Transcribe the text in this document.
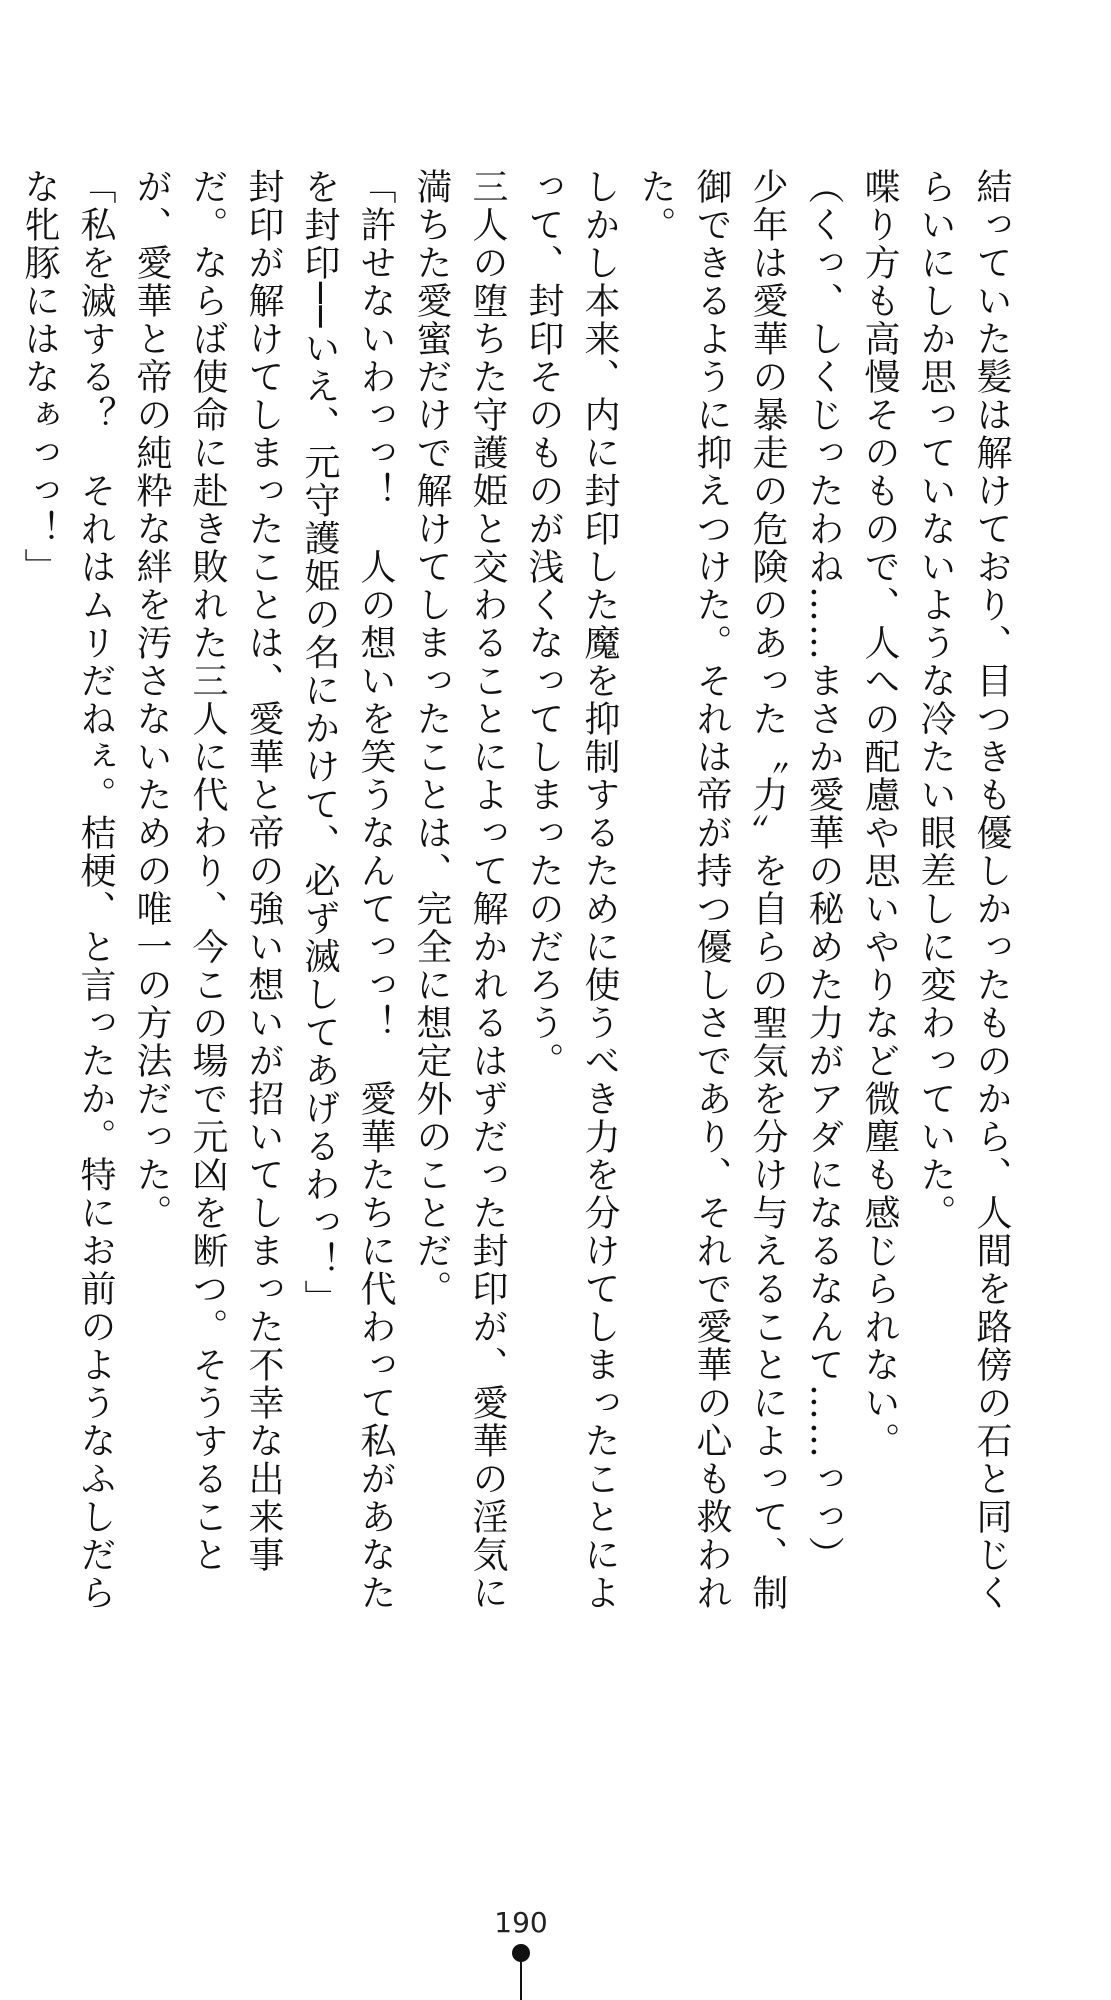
結っていた髪は解けており、目つきも優しかったものから、人間を路傍の石と同じくらいにしか思っていないような冷たい眼差しに変わっていた。

喋り方も高慢そのもので、人への配慮や思いやりなど微塵も感じられない。

（くっ、しくじったわね……まさか愛華の秘めた力がアダになるなんて……っっ）

少年は愛華の暴走の危険のあった〝力〟を自らの聖気を分け与えることによって、制御できるように抑えつけた。それは帝が持つ優しさであり、それで愛華の心も救われた。

しかし本来、内に封印した魔を抑制するために使うべき力を分けてしまったことによって、封印そのものが浅くなってしまったのだろう。

三人の堕ちた守護姫と交わることによって解かれるはずだった封印が、愛華の淫気に満ちた愛蜜だけで解けてしまったことは、完全に想定外のことだ。

「許せないわっっ！　人の想いを笑うなんてっっ！　愛華たちに代わって私があなたを封印──いえ、元守護姫の名にかけて、必ず滅してあげるわっ！」

封印が解けてしまったことは、愛華と帝の強い想いが招いてしまった不幸な出来事だ。ならば使命に赴き敗れた三人に代わり、今この場で元凶を断つ。そうすることが、愛華と帝の純粋な絆を汚さないための唯一の方法だった。

「私を滅する？　それはムリだねぇ。桔梗、と言ったか。特にお前のようなふしだらな牝豚にはなぁっっ！」

190
